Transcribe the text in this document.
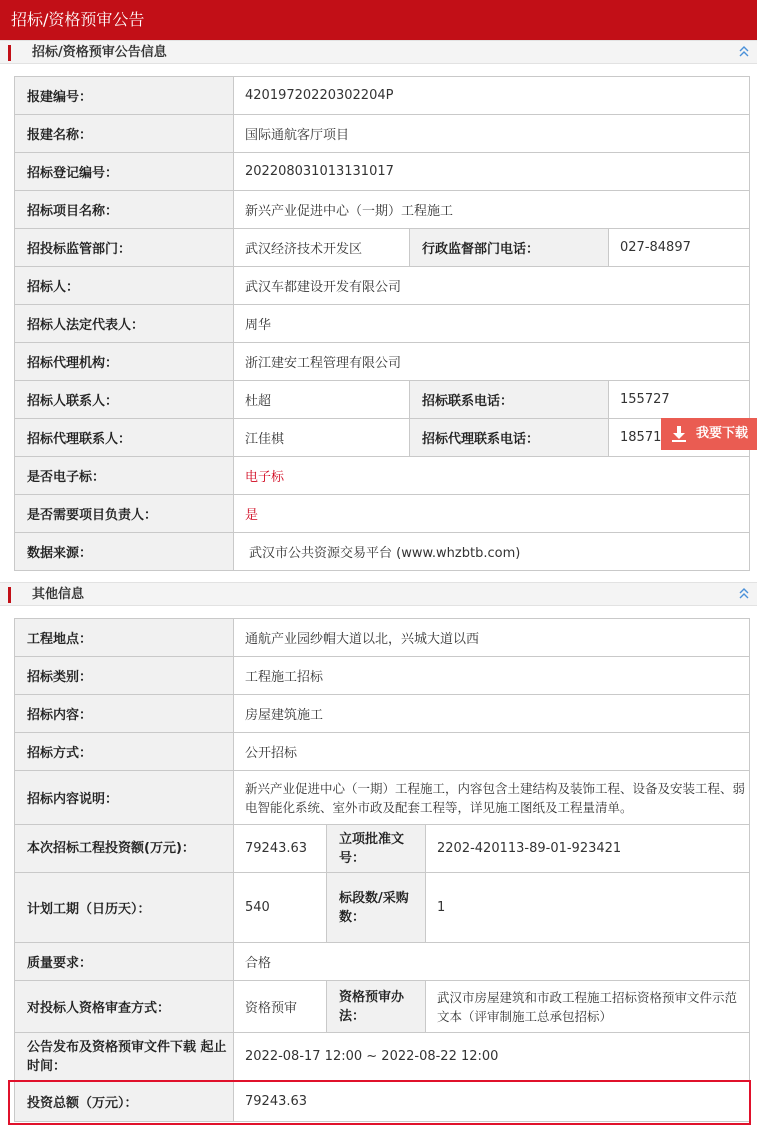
招标/资格预审公告
招标/资格预审公告信息
报建编号：	42019720220302204P		
报建名称：	国际通航客厅项目		
招标登记编号：	202208031013131017		
招标项目名称：	新兴产业促进中心（一期）工程施工		
招投标监管部门：	武汉经济技术开发区	行政监督部门电话：	027-84897
招标人：	武汉车都建设开发有限公司		
招标人法定代表人：	周华		
招标代理机构：	浙江建安工程管理有限公司		
招标人联系人：	杜超	招标联系电话：	155727
招标代理联系人：	江佳棋	招标代理联系电话：	18571
是否电子标：	电子标		
是否需要项目负责人：	是		
数据来源：	武汉市公共资源交易平台 (www.whzbtb.com)		
我要下载
其他信息
工程地点：	通航产业园纱帽大道以北，兴城大道以西		
招标类别：	工程施工招标		
招标内容：	房屋建筑施工		
招标方式：	公开招标		
招标内容说明：	新兴产业促进中心（一期）工程施工，内容包含土建结构及装饰工程、设备及安装工程、弱电智能化系统、室外市政及配套工程等，详见施工图纸及工程量清单。		
本次招标工程投资额(万元)：	79243.63	立项批准文号：	2202-420113-89-01-923421
计划工期（日历天）：	540	标段数/采购数：	1
质量要求：	合格		
对投标人资格审查方式：	资格预审	资格预审办法：	武汉市房屋建筑和市政工程施工招标资格预审文件示范文本（评审制施工总承包招标）
公告发布及资格预审文件下载 起止时间：	2022-08-17 12:00 ~ 2022-08-22 12:00		
投资总额（万元）：	79243.63		
